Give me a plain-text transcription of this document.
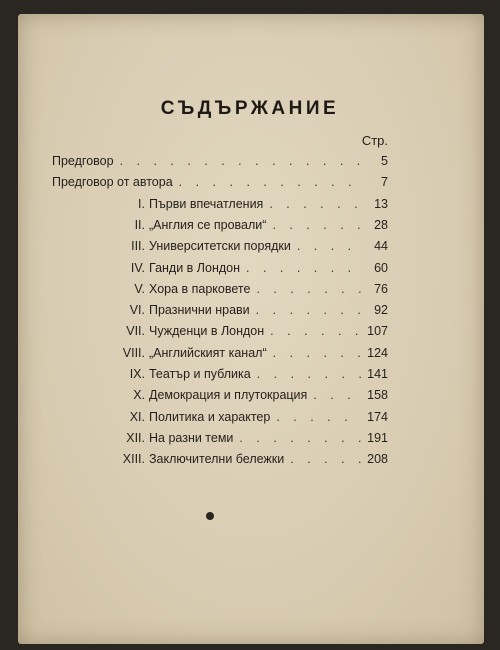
СЪДЪРЖАНИЕ
Стр.
Предговор . . .	5
Предговор от автора . . .	7
I. Първи впечатления . . .	13
II. „Англия се провали“ . . .	28
III. Университетски порядки . . .	44
IV. Ганди в Лондон . . .	60
V. Хора в парковете . . .	76
VI. Празнични нрави . . .	92
VII. Чужденци в Лондон . . .	107
VIII. „Английският канал“ . . .	124
IX. Театър и публика . . .	141
X. Демокрация и плутокрация . . .	158
XI. Политика и характер . . .	174
XII. На разни теми . . .	191
XIII. Заключителни бележки . . .	208
